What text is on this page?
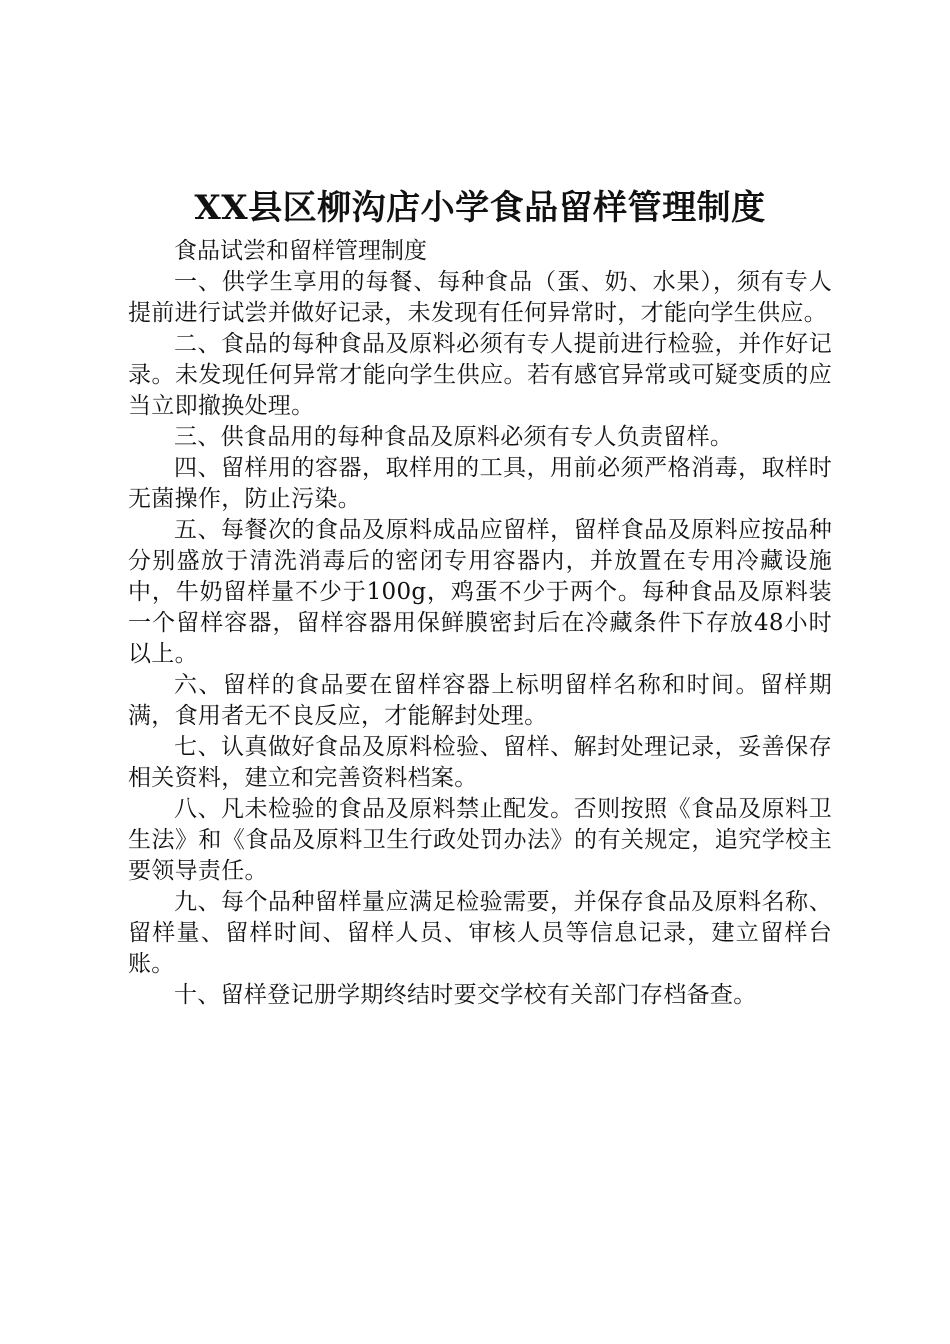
XX县区柳沟店小学食品留样管理制度

食品试尝和留样管理制度

一、供学生享用的每餐、每种食品（蛋、奶、水果），须有专人提前进行试尝并做好记录，未发现有任何异常时，才能向学生供应。

二、食品的每种食品及原料必须有专人提前进行检验，并作好记录。未发现任何异常才能向学生供应。若有感官异常或可疑变质的应当立即撤换处理。

三、供食品用的每种食品及原料必须有专人负责留样。

四、留样用的容器，取样用的工具，用前必须严格消毒，取样时无菌操作，防止污染。

五、每餐次的食品及原料成品应留样，留样食品及原料应按品种分别盛放于清洗消毒后的密闭专用容器内，并放置在专用冷藏设施中，牛奶留样量不少于100g，鸡蛋不少于两个。每种食品及原料装一个留样容器，留样容器用保鲜膜密封后在冷藏条件下存放48小时以上。

六、留样的食品要在留样容器上标明留样名称和时间。留样期满，食用者无不良反应，才能解封处理。

七、认真做好食品及原料检验、留样、解封处理记录，妥善保存相关资料，建立和完善资料档案。

八、凡未检验的食品及原料禁止配发。否则按照《食品及原料卫生法》和《食品及原料卫生行政处罚办法》的有关规定，追究学校主要领导责任。

九、每个品种留样量应满足检验需要，并保存食品及原料名称、留样量、留样时间、留样人员、审核人员等信息记录，建立留样台账。

十、留样登记册学期终结时要交学校有关部门存档备查。
